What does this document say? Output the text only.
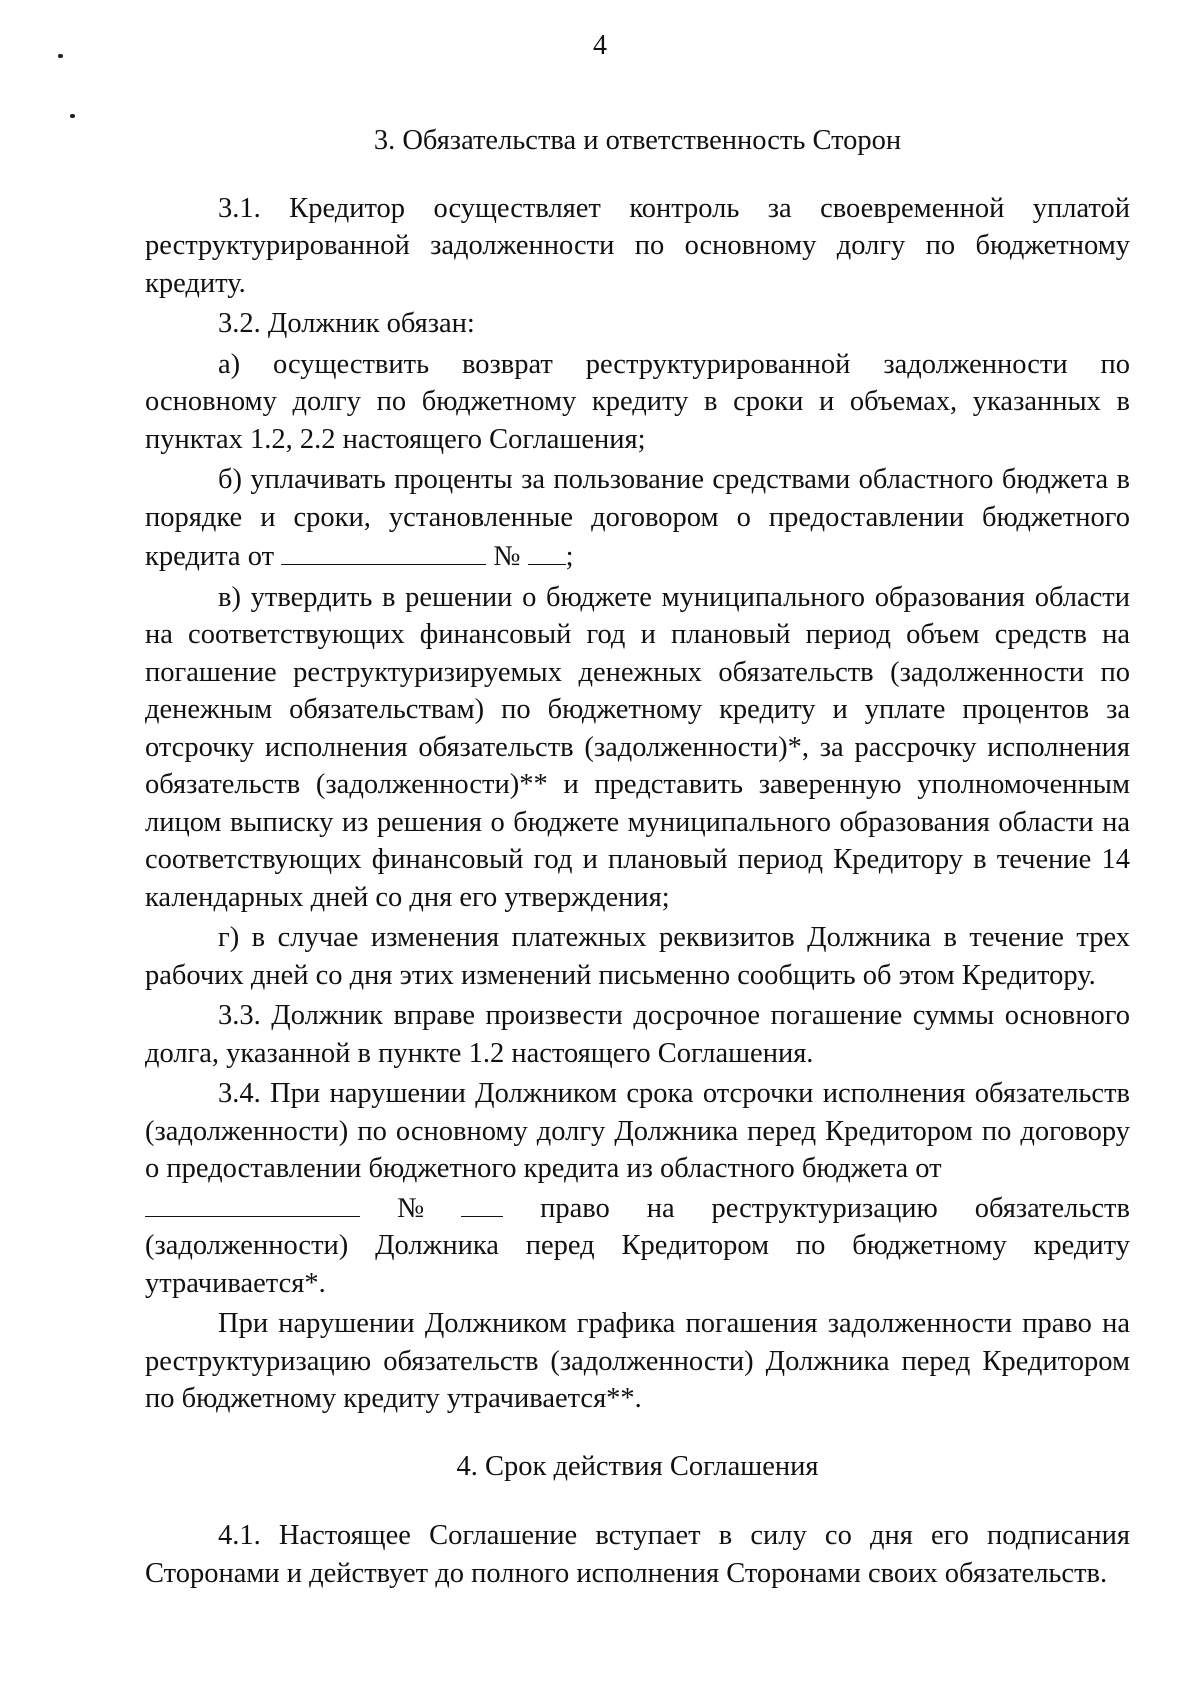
4

3. Обязательства и ответственность Сторон

3.1. Кредитор осуществляет контроль за своевременной уплатой реструктурированной задолженности по основному долгу по бюджетному кредиту.

3.2. Должник обязан:

а) осуществить возврат реструктурированной задолженности по основному долгу по бюджетному кредиту в сроки и объемах, указанных в пунктах 1.2, 2.2 настоящего Соглашения;

б) уплачивать проценты за пользование средствами областного бюджета в порядке и сроки, установленные договором о предоставлении бюджетного кредита от	№ ;

в) утвердить в решении о бюджете муниципального образования области на соответствующих финансовый год и плановый период объем средств на погашение реструктуризируемых денежных обязательств (задолженности по денежным обязательствам) по бюджетному кредиту и уплате процентов за отсрочку исполнения обязательств (задолженности)*, за рассрочку исполнения обязательств (задолженности)** и представить заверенную уполномоченным лицом выписку из решения о бюджете муниципального образования области на соответствующих финансовый год и плановый период Кредитору в течение 14 календарных дней со дня его утверждения;

г) в случае изменения платежных реквизитов Должника в течение трех рабочих дней со дня этих изменений письменно сообщить об этом Кредитору.

3.3. Должник вправе произвести досрочное погашение суммы основного долга, указанной в пункте 1.2 настоящего Соглашения.

3.4. При нарушении Должником срока отсрочки исполнения обязательств (задолженности) по основному долгу Должника перед Кредитором по договору о предоставлении бюджетного кредита из областного бюджета от

№	право на реструктуризацию обязательств

(задолженности) Должника перед Кредитором по бюджетному кредиту утрачивается*.

При нарушении Должником графика погашения задолженности право на реструктуризацию обязательств (задолженности) Должника перед Кредитором по бюджетному кредиту утрачивается**.

4. Срок действия Соглашения

4.1. Настоящее Соглашение вступает в силу со дня его подписания Сторонами и действует до полного исполнения Сторонами своих обязательств.
